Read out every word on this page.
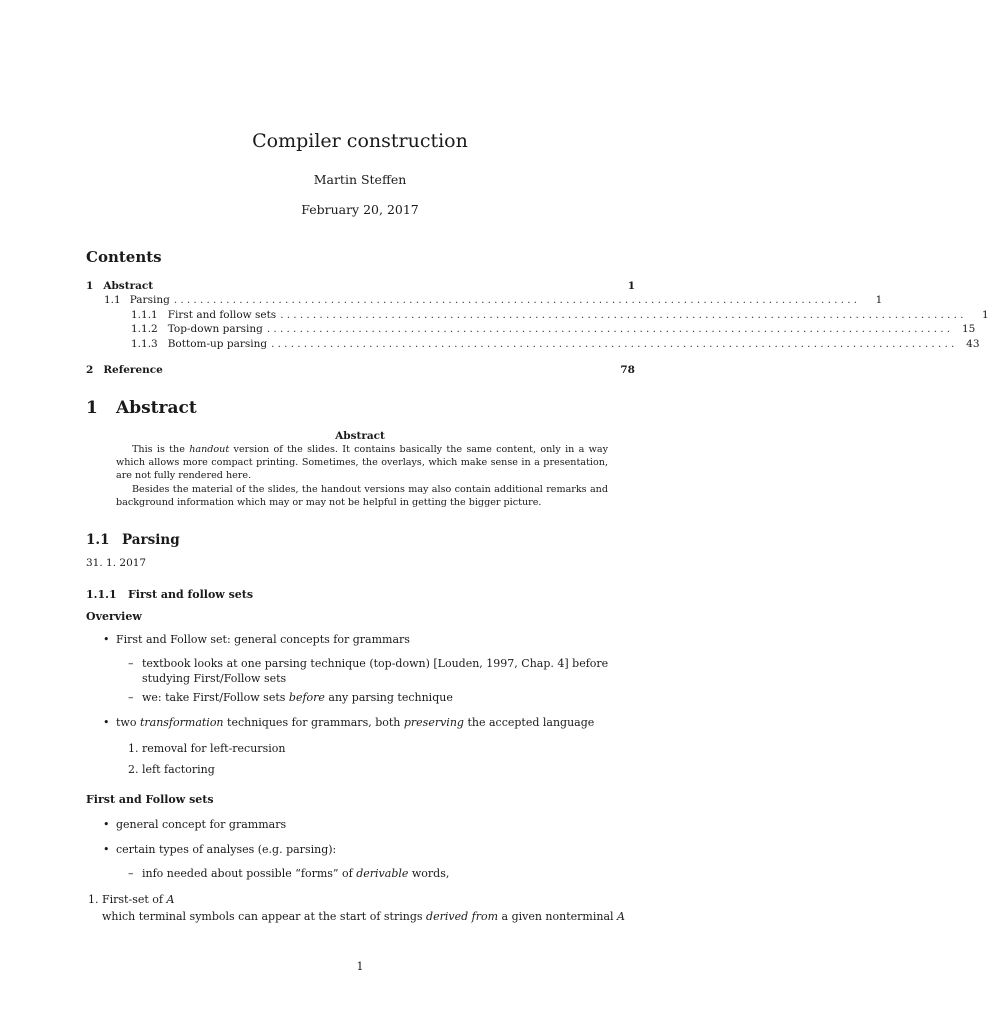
Compiler construction
Martin Steffen
February 20, 2017
Contents
1 Abstract	1
1.1 Parsing .........................................................................................................	1
1.1.1 First and follow sets .........................................................................................................	1
1.1.2 Top-down parsing ......................................................................................................... 15
1.1.3 Bottom-up parsing ......................................................................................................... 43
2 Reference	78
1 Abstract
Abstract

This is the handout version of the slides. It contains basically the same content, only in a way which allows more compact printing. Sometimes, the overlays, which make sense in a presentation, are not fully rendered here.

Besides the material of the slides, the handout versions may also contain additional remarks and background information which may or may not be helpful in getting the bigger picture.

1.1 Parsing
31. 1. 2017
1.1.1 First and follow sets
Overview
• First and Follow set: general concepts for grammars
– textbook looks at one parsing technique (top-down) [Louden, 1997, Chap. 4] before studying First/Follow sets
– we: take First/Follow sets before any parsing technique
• two transformation techniques for grammars, both preserving the accepted language
1. removal for left-recursion
2. left factoring
First and Follow sets
• general concept for grammars
• certain types of analyses (e.g. parsing):
– info needed about possible “forms” of derivable words,
1. First-set of A
which terminal symbols can appear at the start of strings derived from a given nonterminal A
1
